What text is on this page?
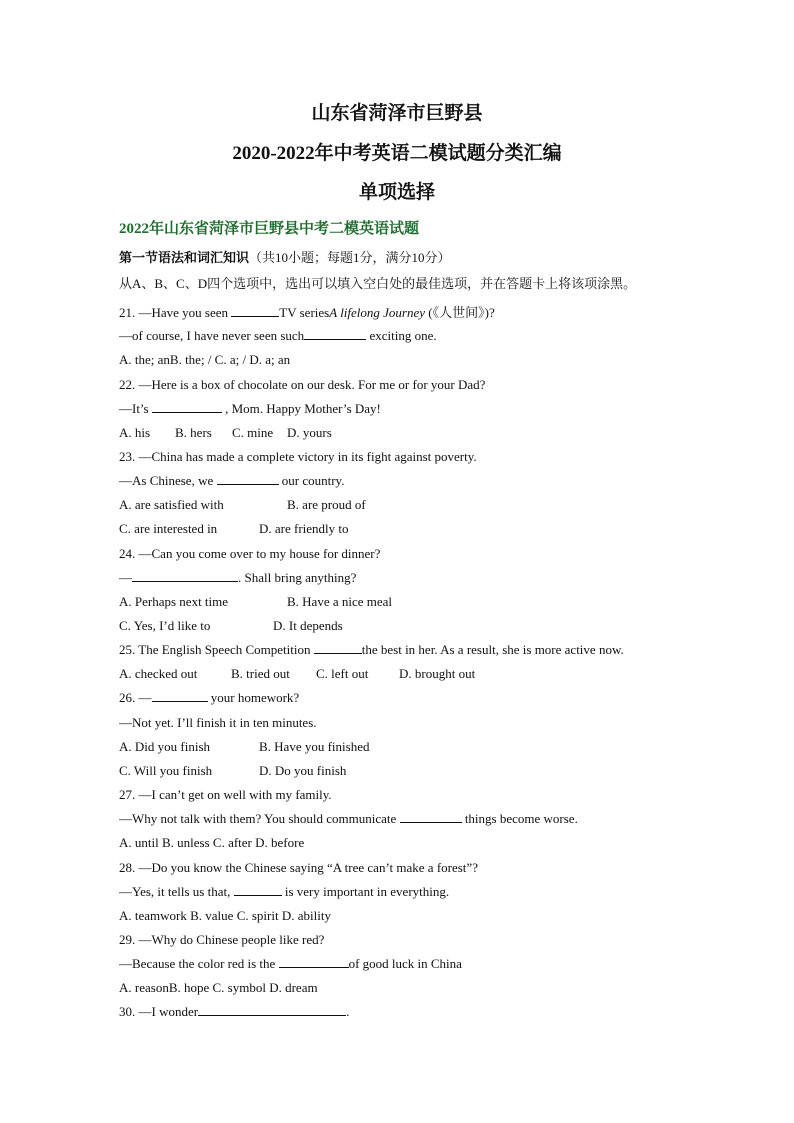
山东省菏泽市巨野县
2020-2022年中考英语二模试题分类汇编
单项选择
2022年山东省菏泽市巨野县中考二模英语试题
第一节语法和词汇知识（共10小题；每题1分，满分10分）
从A、B、C、D四个选项中，选出可以填入空白处的最佳选项，并在答题卡上将该项涂黑。
21. —Have you seen	TV seriesA lifelong Journey (《人世间》)?
—of course, I have never seen such	exciting one.
A. the; anB. the; / C. a; / D. a; an
22. —Here is a box of chocolate on our desk. For me or for your Dad?
—It’s	, Mom. Happy Mother’s Day!
A. his B. hers C. mine D. yours
23. —China has made a complete victory in its fight against poverty.
—As Chinese, we	our country.
A. are satisfied with	B. are proud of
C. are interested in	D. are friendly to
24. —Can you come over to my house for dinner?
—	. Shall bring anything?
A. Perhaps next time	B. Have a nice meal
C. Yes, I’d like to	D. It depends
25. The English Speech Competition	the best in her. As a result, she is more active now.
A. checked out	B. tried out C. left out D. brought out
26. —	your homework?
—Not yet. I’ll finish it in ten minutes.
A. Did you finish	B. Have you finished
C. Will you finish	D. Do you finish
27. —I can’t get on well with my family.
—Why not talk with them? You should communicate	things become worse.
A. until B. unless C. after D. before
28. —Do you know the Chinese saying “A tree can’t make a forest”?
—Yes, it tells us that,	is very important in everything.
A. teamwork B. value C. spirit D. ability
29. —Why do Chinese people like red?
—Because the color red is the	of good luck in China
A. reasonB. hope C. symbol D. dream
30. —I wonder	.
